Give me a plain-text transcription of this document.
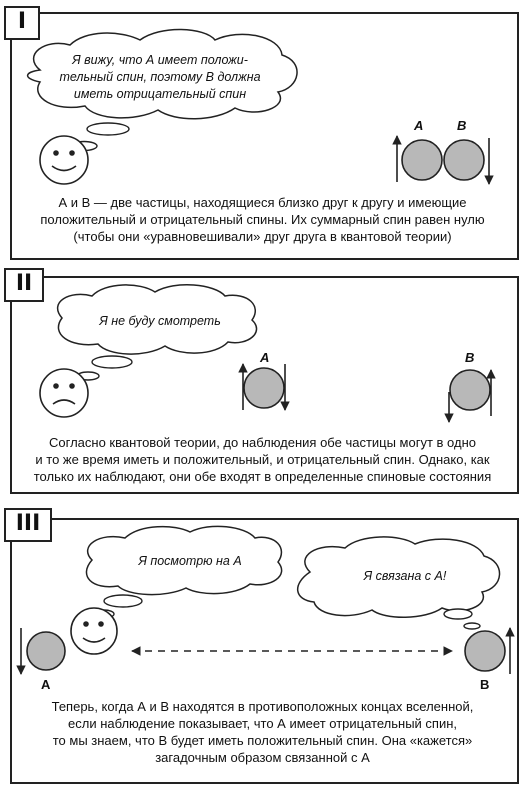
I
II
III
Я вижу, что А имеет положи-
тельный спин, поэтому В должна
иметь отрицательный спин
A	B
А и В — две частицы, находящиеся близко друг к другу и имеющие
положительный и отрицательный спины. Их суммарный спин равен нулю
(чтобы они «уравновешивали» друг друга в квантовой теории)
Я не буду смотреть
A	B
Согласно квантовой теории, до наблюдения обе частицы могут в одно
и то же время иметь и положительный, и отрицательный спин. Однако, как
только их наблюдают, они обе входят в определенные спиновые состояния
Я посмотрю на А
Я связана с А!
A	B
Теперь, когда А и В находятся в противоположных концах вселенной,
если наблюдение показывает, что А имеет отрицательный спин,
то мы знаем, что В будет иметь положительный спин. Она «кажется»
загадочным образом связанной с А
